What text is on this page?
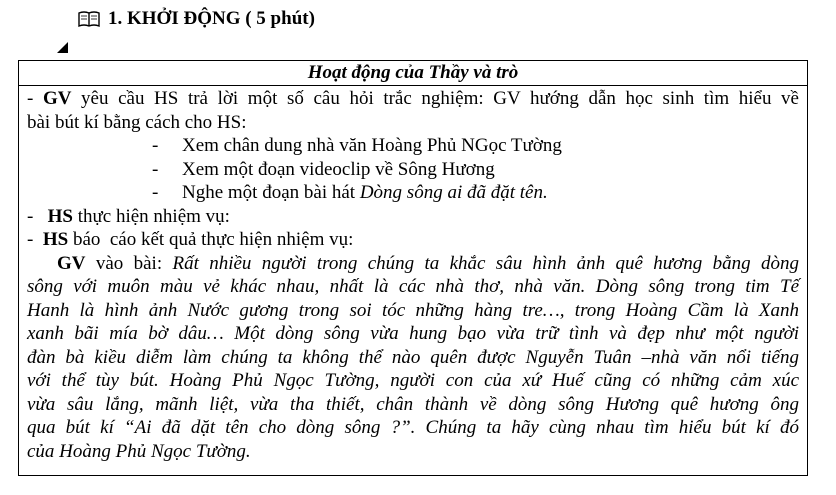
1. KHỞI ĐỘNG ( 5 phút)
Hoạt động của Thầy và trò
- GV yêu cầu HS trả lời một số câu hỏi trắc nghiệm: GV hướng dẫn học sinh tìm hiểu về
bài bút kí bằng cách cho HS:
- Xem chân dung nhà văn Hoàng Phủ NGọc Tường
- Xem một đoạn videoclip về Sông Hương
- Nghe một đoạn bài hát Dòng sông ai đã đặt tên.
-   HS thực hiện nhiệm vụ:
-  HS báo  cáo kết quả thực hiện nhiệm vụ:
GV vào bài: Rất nhiều người trong chúng ta khắc sâu hình ảnh quê hương bằng dòng
sông với muôn màu vẻ khác nhau, nhất là các nhà thơ, nhà văn. Dòng sông trong tim Tế
Hanh là hình ảnh Nước gương trong soi tóc những hàng tre…, trong Hoàng Cầm là Xanh
xanh bãi mía bờ dâu… Một dòng sông vừa hung bạo vừa trữ tình và đẹp như một người
đàn bà kiều diễm làm chúng ta không thể nào quên được Nguyễn Tuân –nhà văn nổi tiếng
với thể tùy bút. Hoàng Phủ Ngọc Tường, người con của xứ Huế cũng có những cảm xúc
vừa sâu lắng, mãnh liệt, vừa tha thiết, chân thành về dòng sông Hương quê hương ông
qua bút kí “Ai đã dặt tên cho dòng sông ?”. Chúng ta hãy cùng nhau tìm hiểu bút kí đó
của Hoàng Phủ Ngọc Tường.
